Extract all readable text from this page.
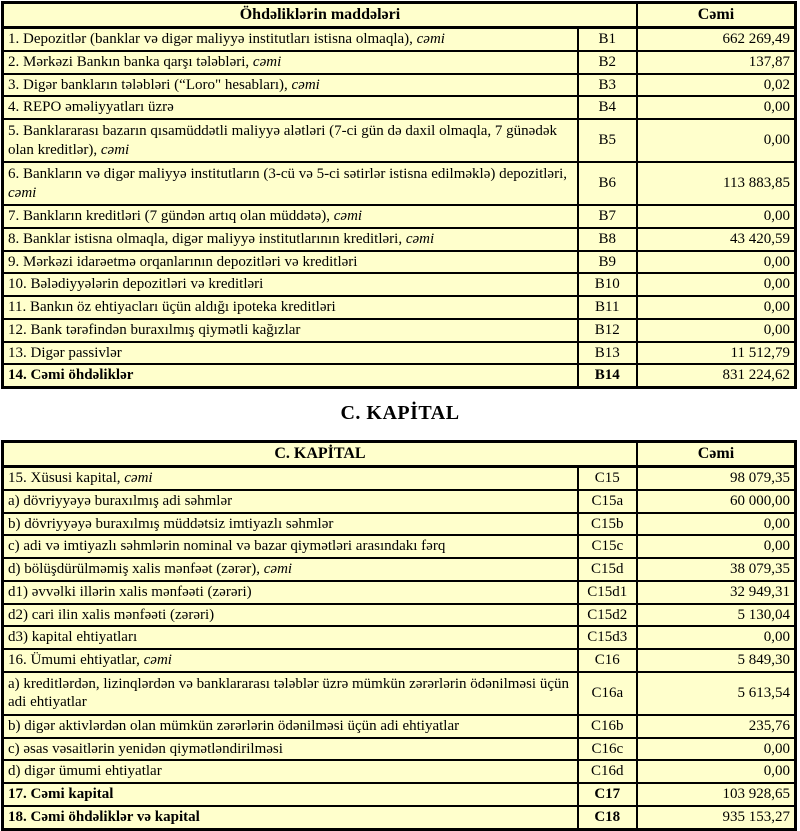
Öhdəliklərin maddələri		Cəmi
1. Depozitlər (banklar və digər maliyyə institutları istisna olmaqla), cəmi	B1	662 269,49
2. Mərkəzi Bankın banka qarşı tələbləri, cəmi	B2	137,87
3. Digər bankların tələbləri (“Loro" hesabları), cəmi	B3	0,02
4. REPO əməliyyatları üzrə	B4	0,00
5. Banklararası bazarın qısamüddətli maliyyə alətləri (7-ci gün də daxil olmaqla, 7 günədək olan kreditlər), cəmi	B5	0,00
6. Bankların və digər maliyyə institutların (3-cü və 5-ci sətirlər istisna edilməklə) depozitləri, cəmi	B6	113 883,85
7. Bankların kreditləri (7 gündən artıq olan müddətə), cəmi	B7	0,00
8. Banklar istisna olmaqla, digər maliyyə institutlarının kreditləri, cəmi	B8	43 420,59
9. Mərkəzi idarəetmə orqanlarının depozitləri və kreditləri	B9	0,00
10. Bələdiyyələrin depozitləri və kreditləri	B10	0,00
11. Bankın öz ehtiyacları üçün aldığı ipoteka kreditləri	B11	0,00
12. Bank tərəfindən buraxılmış qiymətli kağızlar	B12	0,00
13. Digər passivlər	B13	11 512,79
14. Cəmi öhdəliklər	B14	831 224,62
C. KAPİTAL
C. KAPİTAL		Cəmi
15. Xüsusi kapital, cəmi	C15	98 079,35
a) dövriyyəyə buraxılmış adi səhmlər	C15a	60 000,00
b) dövriyyəyə buraxılmış müddətsiz imtiyazlı səhmlər	C15b	0,00
c) adi və imtiyazlı səhmlərin nominal və bazar qiymətləri arasındakı fərq	C15c	0,00
d) bölüşdürülməmiş xalis mənfəət (zərər), cəmi	C15d	38 079,35
d1) əvvəlki illərin xalis mənfəəti (zərəri)	C15d1	32 949,31
d2) cari ilin xalis mənfəəti (zərəri)	C15d2	5 130,04
d3) kapital ehtiyatları	C15d3	0,00
16. Ümumi ehtiyatlar, cəmi	C16	5 849,30
a) kreditlərdən, lizinqlərdən və banklararası tələblər üzrə mümkün zərərlərin ödənilməsi üçün adi ehtiyatlar	C16a	5 613,54
b) digər aktivlərdən olan mümkün zərərlərin ödənilməsi üçün adi ehtiyatlar	C16b	235,76
c) əsas vəsaitlərin yenidən qiymətləndirilməsi	C16c	0,00
d) digər ümumi ehtiyatlar	C16d	0,00
17. Cəmi kapital	C17	103 928,65
18. Cəmi öhdəliklər və kapital	C18	935 153,27
